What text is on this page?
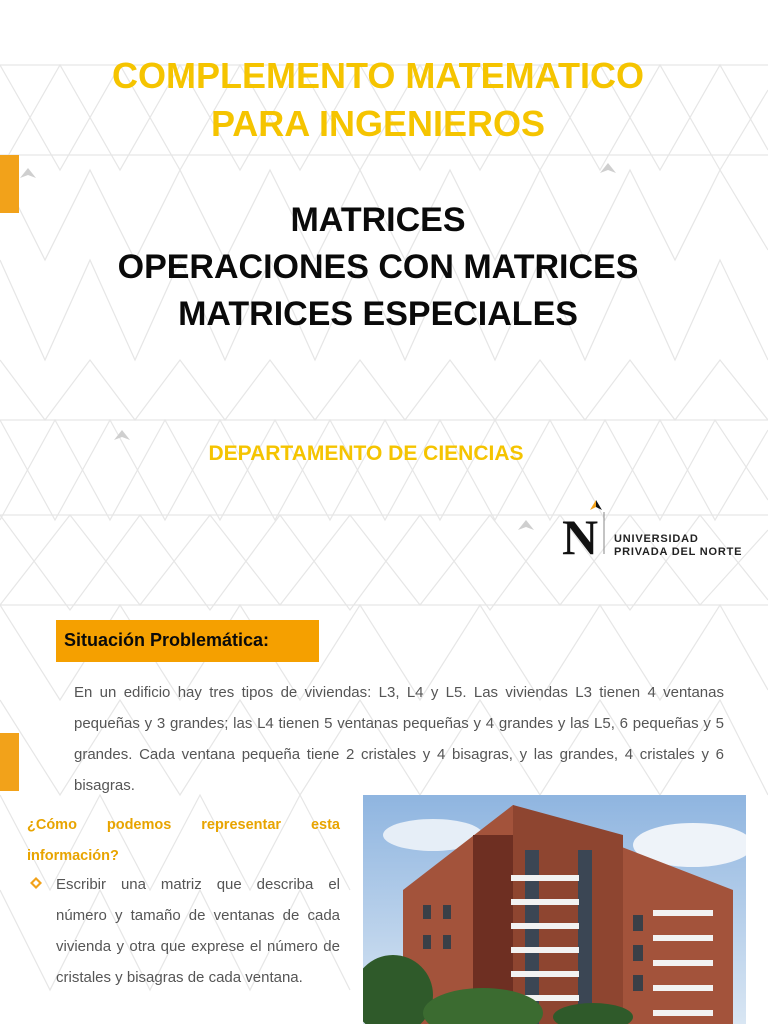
COMPLEMENTO MATEMATICO
PARA INGENIEROS
MATRICES
OPERACIONES CON MATRICES
MATRICES ESPECIALES
DEPARTAMENTO DE CIENCIAS
N UNIVERSIDAD
PRIVADA DEL NORTE
Situación Problemática:
En un edificio hay tres tipos de viviendas: L3, L4 y L5. Las viviendas L3 tienen 4 ventanas pequeñas y 3 grandes; las L4 tienen 5 ventanas pequeñas y 4 grandes y las L5, 6 pequeñas y 5 grandes. Cada ventana pequeña tiene 2 cristales y 4 bisagras, y las grandes, 4 cristales y 6 bisagras.
¿Cómo podemos representar esta información?
Escribir una matriz que describa el número y tamaño de ventanas de cada vivienda y otra que exprese el número de cristales y bisagras de cada ventana.
